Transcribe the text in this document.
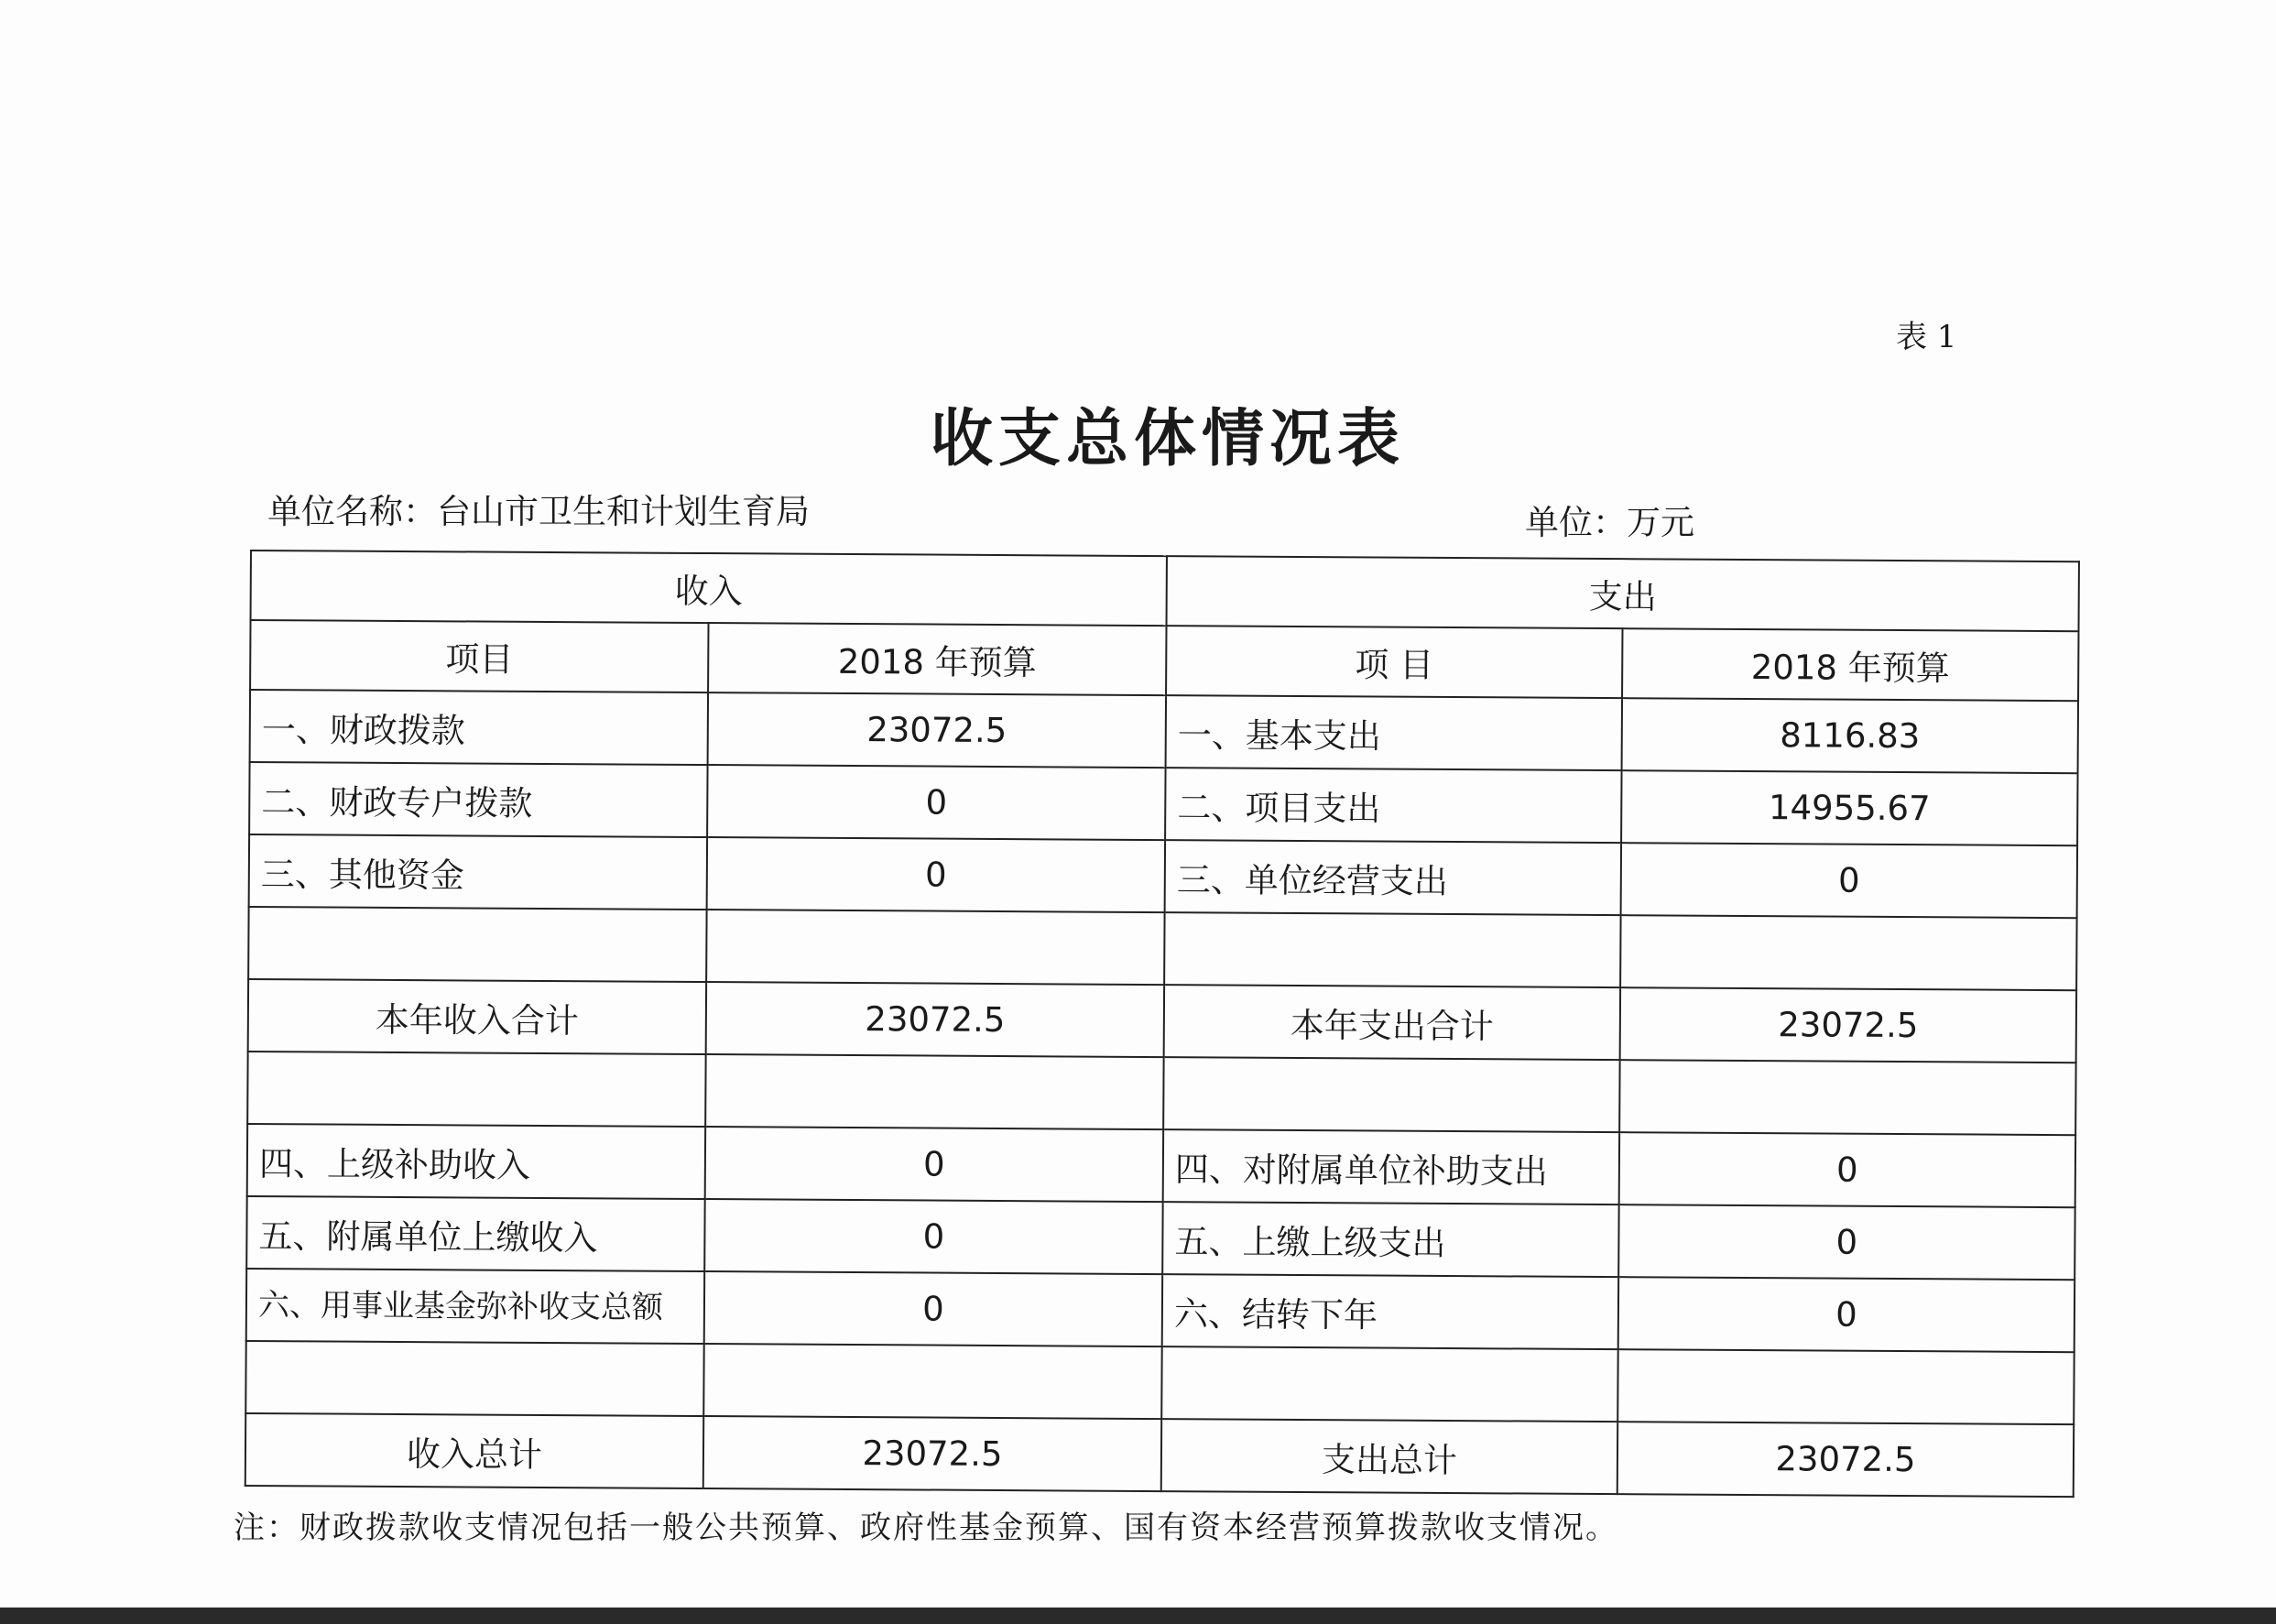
表 1
收支总体情况表
单位名称：台山市卫生和计划生育局	单位：万元
收入		支出	
项目	2018 年预算	项 目	2018 年预算
一、财政拨款	23072.5	一、基本支出	8116.83
二、财政专户拨款	0	二、项目支出	14955.67
三、其他资金	0	三、单位经营支出	0

本年收入合计	23072.5	本年支出合计	23072.5

四、上级补助收入	0	四、对附属单位补助支出	0
五、附属单位上缴收入	0	五、上缴上级支出	0
六、用事业基金弥补收支总额	0	六、结转下年	0

收入总计	23072.5	支出总计	23072.5
注：财政拨款收支情况包括一般公共预算、政府性基金预算、国有资本经营预算拨款收支情况。
